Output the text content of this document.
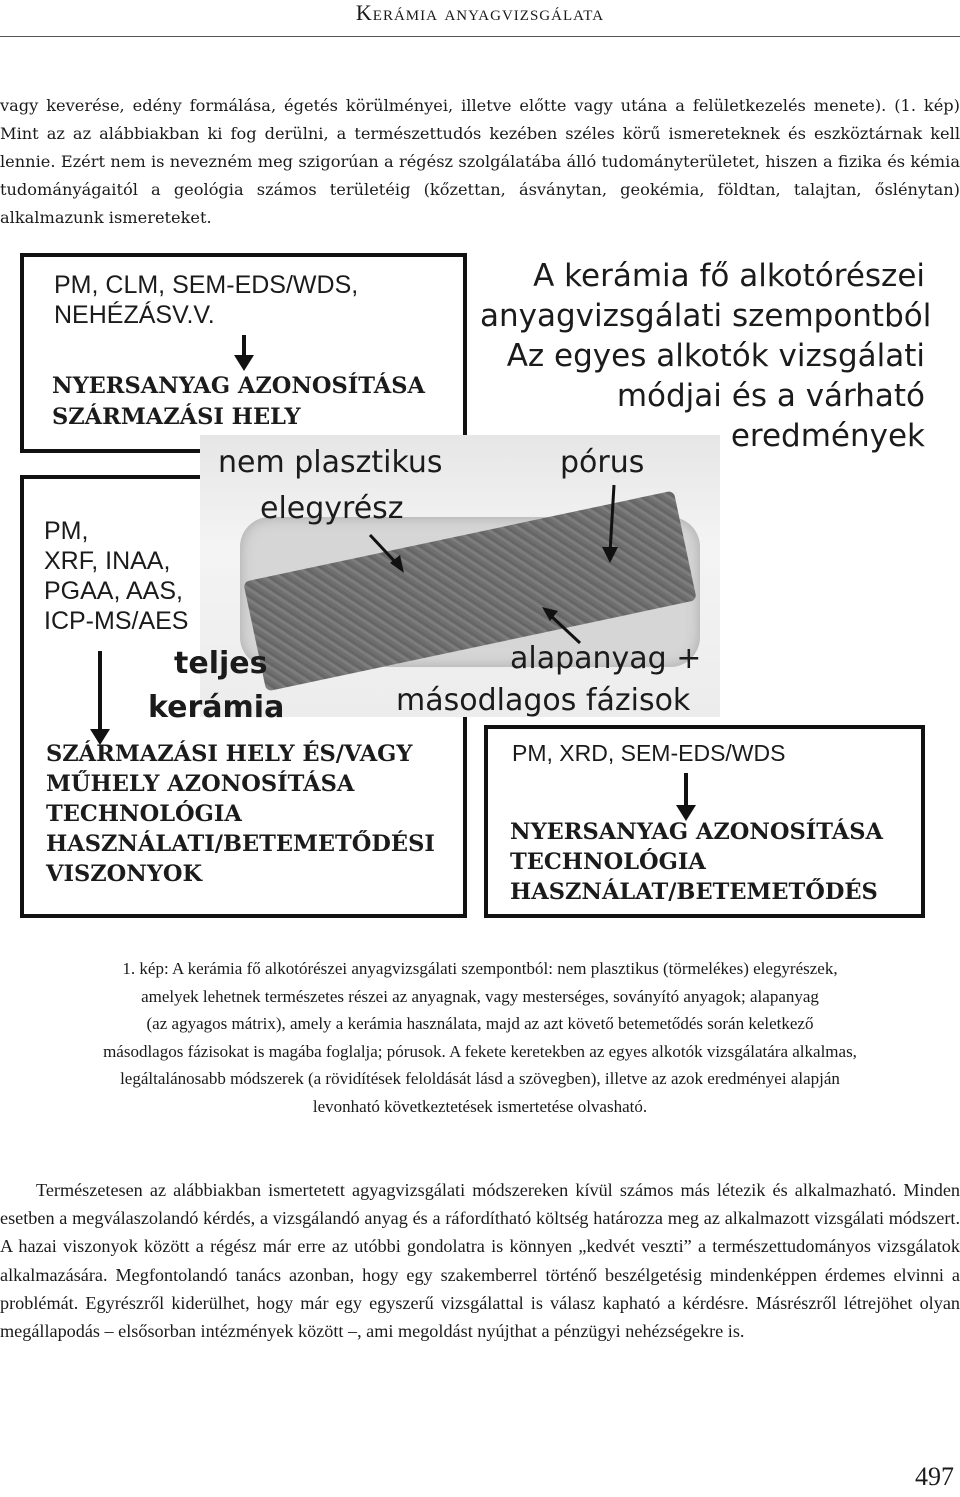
Kerámia anyagvizsgálata

vagy keverése, edény formálása, égetés körülményei, illetve előtte vagy utána a felületkezelés menete). (1. kép) Mint az az alábbiakban ki fog derülni, a természettudós kezében széles körű ismereteknek és eszköztárnak kell lennie. Ezért nem is nevezném meg szigorúan a régész szolgálatába álló tudományterületet, hiszen a fizika és kémia tudományágaitól a geológia számos területéig (kőzettan, ásványtan, geokémia, földtan, talajtan, őslénytan) alkalmazunk ismereteket.

PM, CLM, SEM-EDS/WDS,
NEHÉZÁSV.V.
NYERSANYAG AZONOSÍTÁSA
SZÁRMAZÁSI HELY
PM,
XRF, INAA,
PGAA, AAS,
ICP-MS/AES
SZÁRMAZÁSI HELY ÉS/VAGY
MŰHELY AZONOSÍTÁSA
TECHNOLÓGIA
HASZNÁLATI/BETEMETŐDÉSI
VISZONYOK
PM, XRD, SEM-EDS/WDS
NYERSANYAG AZONOSÍTÁSA
TECHNOLÓGIA
HASZNÁLAT/BETEMETŐDÉS
A kerámia fő alkotórészei
anyagvizsgálati szempontból
Az egyes alkotók vizsgálati
módjai és a várható
eredmények
nem plasztikus
elegyrész
pórus
teljes
kerámia
alapanyag +
másodlagos fázisok

1. kép: A kerámia fő alkotórészei anyagvizsgálati szempontból: nem plasztikus (törmelékes) elegyrészek,

amelyek lehetnek természetes részei az anyagnak, vagy mesterséges, soványító anyagok; alapanyag

(az agyagos mátrix), amely a kerámia használata, majd az azt követő betemetődés során keletkező

másodlagos fázisokat is magába foglalja; pórusok. A fekete keretekben az egyes alkotók vizsgálatára alkalmas,

legáltalánosabb módszerek (a rövidítések feloldását lásd a szövegben), illetve az azok eredményei alapján

levonható következtetések ismertetése olvasható.

Természetesen az alábbiakban ismertetett agyagvizsgálati módszereken kívül számos más létezik és alkalmazható. Minden esetben a megválaszolandó kérdés, a vizsgálandó anyag és a ráfordítható költség határozza meg az alkalmazott vizsgálati módszert. A hazai viszonyok között a régész már erre az utóbbi gondolatra is könnyen „kedvét veszti” a természettudományos vizsgálatok alkalmazására. Megfontolandó tanács azonban, hogy egy szakemberrel történő beszélgetésig mindenképpen érdemes elvinni a problémát. Egyrészről kiderülhet, hogy már egy egyszerű vizsgálattal is válasz kapható a kérdésre. Másrészről létrejöhet olyan megállapodás – elsősorban intézmények között –, ami megoldást nyújthat a pénzügyi nehézségekre is.

497
